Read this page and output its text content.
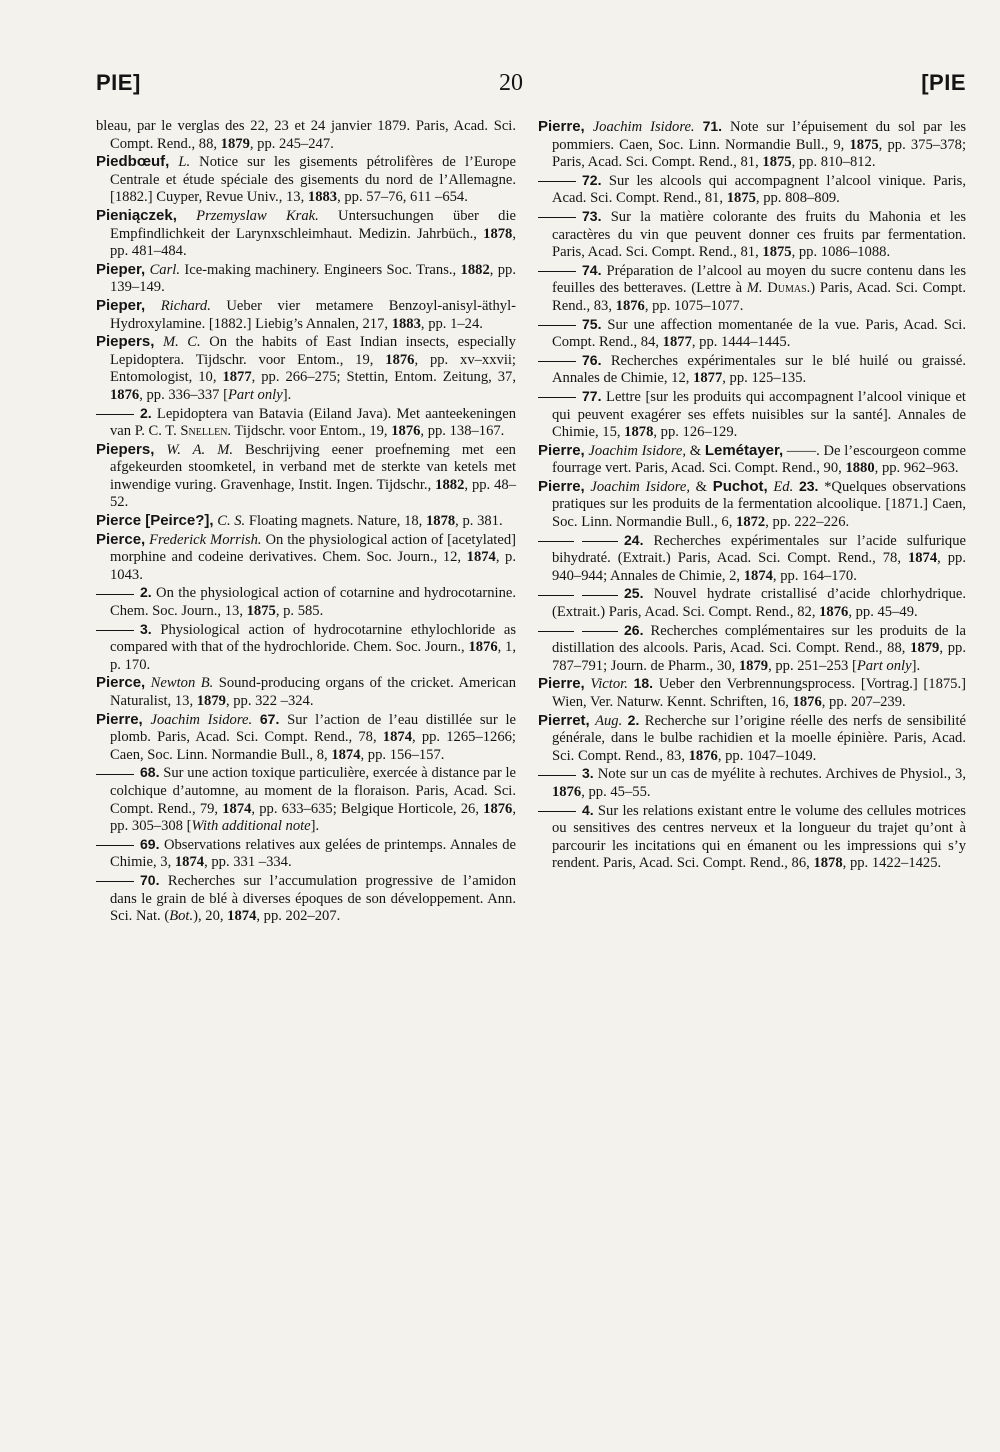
PIE]	20	[PIE

bleau, par le verglas des 22, 23 et 24 janvier 1879. Paris, Acad. Sci. Compt. Rend., 88, 1879, pp. 245–247.

Piedbœuf, L. Notice sur les gisements pétrolifères de l’Europe Centrale et étude spéciale des gisements du nord de l’Allemagne. [1882.] Cuyper, Revue Univ., 13, 1883, pp. 57–76, 611 –654.

Pieniączek, Przemyslaw Krak. Untersuchungen über die Empfindlichkeit der Larynxschleimhaut. Medizin. Jahrbüch., 1878, pp. 481–484.

Pieper, Carl. Ice-making machinery. Engineers Soc. Trans., 1882, pp. 139–149.

Pieper, Richard. Ueber vier metamere Benzoyl-anisyl-äthyl-Hydroxylamine. [1882.] Liebig’s Annalen, 217, 1883, pp. 1–24.

Piepers, M. C. On the habits of East Indian insects, especially Lepidoptera. Tijdschr. voor Entom., 19, 1876, pp. xv–xxvii; Entomologist, 10, 1877, pp. 266–275; Stettin, Entom. Zeitung, 37, 1876, pp. 336–337 [Part only].

2. Lepidoptera van Batavia (Eiland Java). Met aanteekeningen van P. C. T. Snellen. Tijdschr. voor Entom., 19, 1876, pp. 138–167.

Piepers, W. A. M. Beschrijving eener proefneming met een afgekeurden stoomketel, in verband met de sterkte van ketels met inwendige vuring. Gravenhage, Instit. Ingen. Tijdschr., 1882, pp. 48–52.

Pierce [Peirce?], C. S. Floating magnets. Nature, 18, 1878, p. 381.

Pierce, Frederick Morrish. On the physiological action of [acetylated] morphine and codeine derivatives. Chem. Soc. Journ., 12, 1874, p. 1043.

2. On the physiological action of cotarnine and hydrocotarnine. Chem. Soc. Journ., 13, 1875, p. 585.

3. Physiological action of hydrocotarnine ethylochloride as compared with that of the hydrochloride. Chem. Soc. Journ., 1876, 1, p. 170.

Pierce, Newton B. Sound-producing organs of the cricket. American Naturalist, 13, 1879, pp. 322 –324.

Pierre, Joachim Isidore. 67. Sur l’action de l’eau distillée sur le plomb. Paris, Acad. Sci. Compt. Rend., 78, 1874, pp. 1265–1266; Caen, Soc. Linn. Normandie Bull., 8, 1874, pp. 156–157.

68. Sur une action toxique particulière, exercée à distance par le colchique d’automne, au moment de la floraison. Paris, Acad. Sci. Compt. Rend., 79, 1874, pp. 633–635; Belgique Horticole, 26, 1876, pp. 305–308 [With additional note].

69. Observations relatives aux gelées de printemps. Annales de Chimie, 3, 1874, pp. 331 –334.

70. Recherches sur l’accumulation progressive de l’amidon dans le grain de blé à diverses époques de son développement. Ann. Sci. Nat. (Bot.), 20, 1874, pp. 202–207.

Pierre, Joachim Isidore. 71. Note sur l’épuisement du sol par les pommiers. Caen, Soc. Linn. Normandie Bull., 9, 1875, pp. 375–378; Paris, Acad. Sci. Compt. Rend., 81, 1875, pp. 810–812.

72. Sur les alcools qui accompagnent l’alcool vinique. Paris, Acad. Sci. Compt. Rend., 81, 1875, pp. 808–809.

73. Sur la matière colorante des fruits du Mahonia et les caractères du vin que peuvent donner ces fruits par fermentation. Paris, Acad. Sci. Compt. Rend., 81, 1875, pp. 1086–1088.

74. Préparation de l’alcool au moyen du sucre contenu dans les feuilles des betteraves. (Lettre à M. Dumas.) Paris, Acad. Sci. Compt. Rend., 83, 1876, pp. 1075–1077.

75. Sur une affection momentanée de la vue. Paris, Acad. Sci. Compt. Rend., 84, 1877, pp. 1444–1445.

76. Recherches expérimentales sur le blé huilé ou graissé. Annales de Chimie, 12, 1877, pp. 125–135.

77. Lettre [sur les produits qui accompagnent l’alcool vinique et qui peuvent exagérer ses effets nuisibles sur la santé]. Annales de Chimie, 15, 1878, pp. 126–129.

Pierre, Joachim Isidore, & Lemétayer, ——. De l’escourgeon comme fourrage vert. Paris, Acad. Sci. Compt. Rend., 90, 1880, pp. 962–963.

Pierre, Joachim Isidore, & Puchot, Ed. 23. *Quelques observations pratiques sur les produits de la fermentation alcoolique. [1871.] Caen, Soc. Linn. Normandie Bull., 6, 1872, pp. 222–226.

24. Recherches expérimentales sur l’acide sulfurique bihydraté. (Extrait.) Paris, Acad. Sci. Compt. Rend., 78, 1874, pp. 940–944; Annales de Chimie, 2, 1874, pp. 164–170.

25. Nouvel hydrate cristallisé d’acide chlorhydrique. (Extrait.) Paris, Acad. Sci. Compt. Rend., 82, 1876, pp. 45–49.

26. Recherches complémentaires sur les produits de la distillation des alcools. Paris, Acad. Sci. Compt. Rend., 88, 1879, pp. 787–791; Journ. de Pharm., 30, 1879, pp. 251–253 [Part only].

Pierre, Victor. 18. Ueber den Verbrennungsprocess. [Vortrag.] [1875.] Wien, Ver. Naturw. Kennt. Schriften, 16, 1876, pp. 207–239.

Pierret, Aug. 2. Recherche sur l’origine réelle des nerfs de sensibilité générale, dans le bulbe rachidien et la moelle épinière. Paris, Acad. Sci. Compt. Rend., 83, 1876, pp. 1047–1049.

3. Note sur un cas de myélite à rechutes. Archives de Physiol., 3, 1876, pp. 45–55.

4. Sur les relations existant entre le volume des cellules motrices ou sensitives des centres nerveux et la longueur du trajet qu’ont à parcourir les incitations qui en émanent ou les impressions qui s’y rendent. Paris, Acad. Sci. Compt. Rend., 86, 1878, pp. 1422–1425.
